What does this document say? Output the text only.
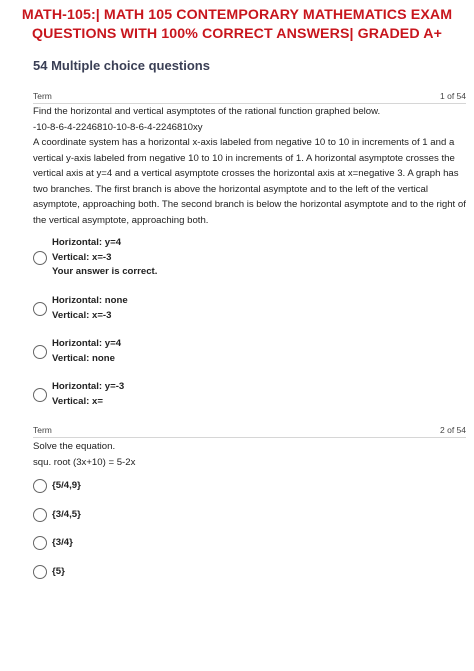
MATH-105:| MATH 105 CONTEMPORARY MATHEMATICS EXAM
QUESTIONS WITH 100% CORRECT ANSWERS| GRADED A+
54 Multiple choice questions
Term	1 of 54

Find the horizontal and vertical asymptotes of the rational function graphed below.

-10-8-6-4-2246810-10-8-6-4-2246810xy

A coordinate system has a horizontal x-axis labeled from negative 10 to 10 in increments of 1 and a vertical y-axis labeled from negative 10 to 10 in increments of 1. A horizontal asymptote crosses the vertical axis at y=4 and a vertical asymptote crosses the horizontal axis at x=negative 3. A graph has two branches. The first branch is above the horizontal asymptote and to the left of the vertical asymptote, approaching both. The second branch is below the horizontal asymptote and to the right of the vertical asymptote, approaching both.

Horizontal: y=4
Vertical: x=-3
Your answer is correct.
Horizontal: none
Vertical: x=-3
Horizontal: y=4
Vertical: none
Horizontal: y=-3
Vertical: x=
Term	2 of 54

Solve the equation.

squ. root (3x+10) = 5-2x

{5/4,9}
{3/4,5}
{3/4}
{5}
